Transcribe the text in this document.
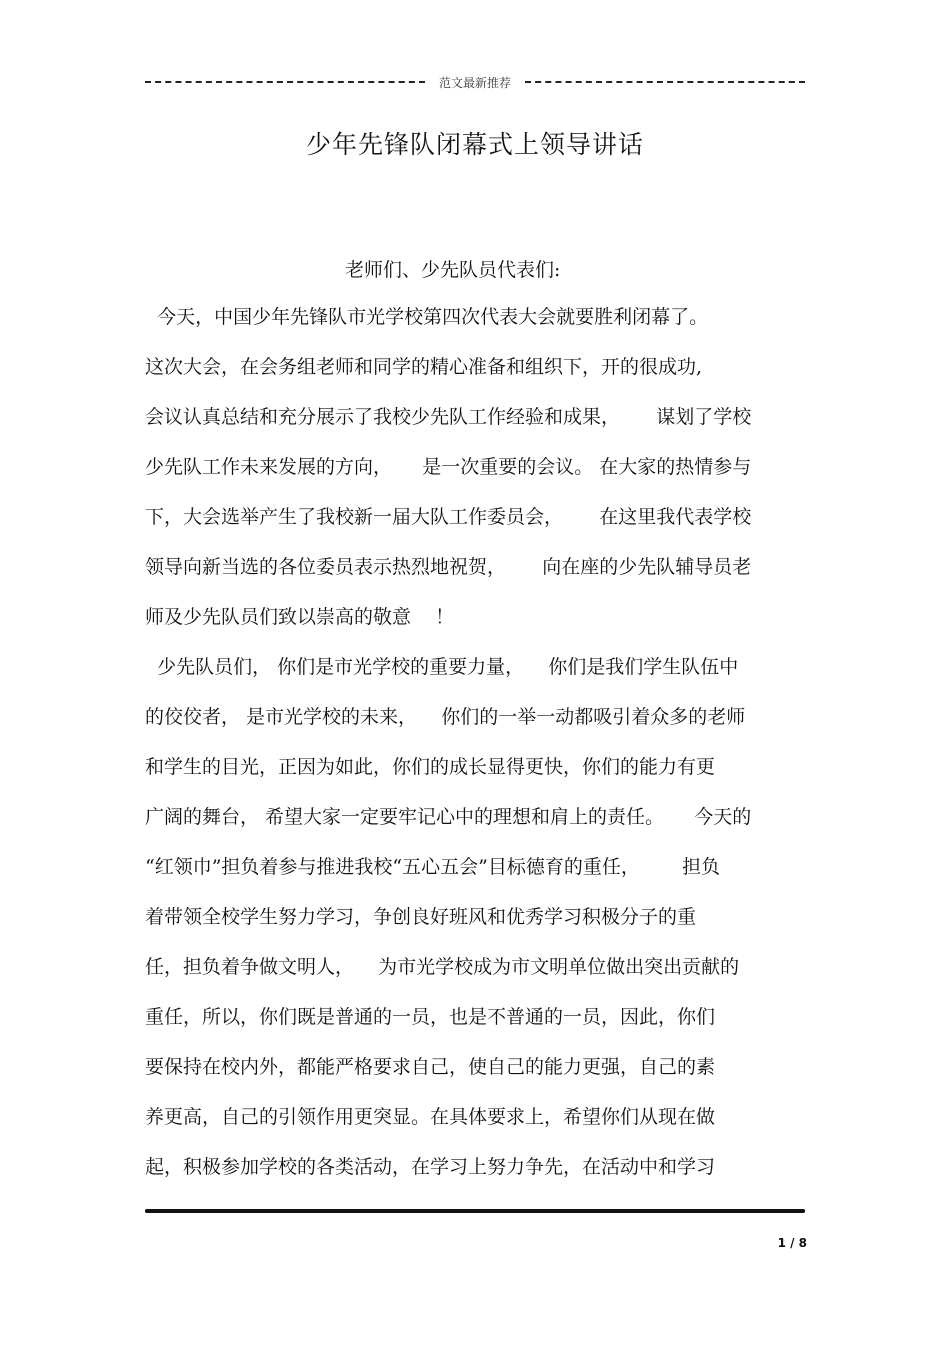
范文最新推荐
少年先锋队闭幕式上领导讲话

老师们、少先队员代表们:

今天，中国少年先锋队市光学校第四次代表大会就要胜利闭幕了。

这次大会，在会务组老师和同学的精心准备和组织下，开的很成功,

会议认真总结和充分展示了我校少先队工作经验和成果，      谋划了学校

少先队工作未来发展的方向，     是一次重要的会议。 在大家的热情参与

下，大会选举产生了我校新一届大队工作委员会，      在这里我代表学校

领导向新当选的各位委员表示热烈地祝贺，      向在座的少先队辅导员老

师及少先队员们致以崇高的敬意    ！

少先队员们， 你们是市光学校的重要力量，    你们是我们学生队伍中

的佼佼者， 是市光学校的未来，    你们的一举一动都吸引着众多的老师

和学生的目光，正因为如此，你们的成长显得更快，你们的能力有更

广阔的舞台， 希望大家一定要牢记心中的理想和肩上的责任。     今天的

“红领巾”担负着参与推进我校“五心五会”目标德育的重任，       担负

着带领全校学生努力学习，争创良好班风和优秀学习积极分子的重

任，担负着争做文明人，    为市光学校成为市文明单位做出突出贡献的

重任，所以，你们既是普通的一员，也是不普通的一员，因此，你们

要保持在校内外，都能严格要求自己，使自己的能力更强，自己的素

养更高，自己的引领作用更突显。在具体要求上，希望你们从现在做

起，积极参加学校的各类活动，在学习上努力争先，在活动中和学习

1 / 8
